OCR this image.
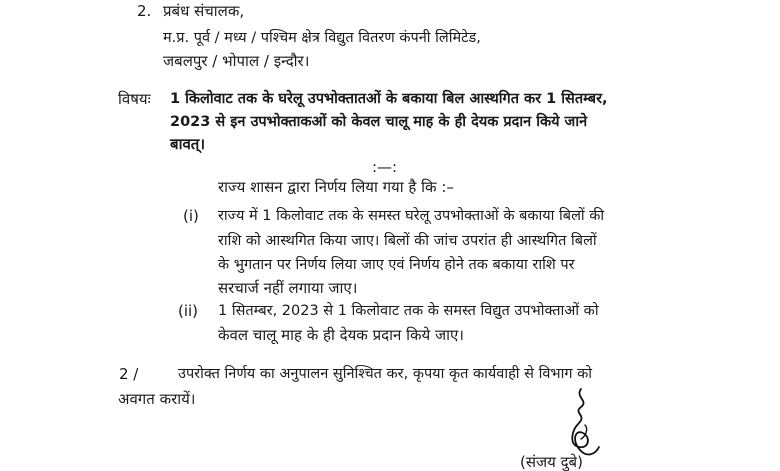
2. प्रबंध संचालक,
म.प्र. पूर्व / मध्य / पश्चिम क्षेत्र विद्युत वितरण कंपनी लिमिटेड,
जबलपुर / भोपाल / इन्दौर।
विषयः 1 किलोवाट तक के घरेलू उपभोक्तातओं के बकाया बिल आस्थगित कर 1 सितम्बर,
2023 से इन उपभोक्ताकओं को केवल चालू माह के ही देयक प्रदान किये जाने
बावत्।
:—:
राज्य शासन द्वारा निर्णय लिया गया है कि :–
(i) राज्य में 1 किलोवाट तक के समस्त घरेलू उपभोक्ताओं के बकाया बिलों की
राशि को आस्थगित किया जाए। बिलों की जांच उपरांत ही आस्थगित बिलों
के भुगतान पर निर्णय लिया जाए एवं निर्णय होने तक बकाया राशि पर
सरचार्ज नहीं लगाया जाए।
(ii) 1 सितम्बर, 2023 से 1 किलोवाट तक के समस्त विद्युत उपभोक्ताओं को
केवल चालू माह के ही देयक प्रदान किये जाए।
2 /	उपरोक्त निर्णय का अनुपालन सुनिश्चित कर, कृपया कृत कार्यवाही से विभाग को
अवगत करायें।
(संजय दुबे)
